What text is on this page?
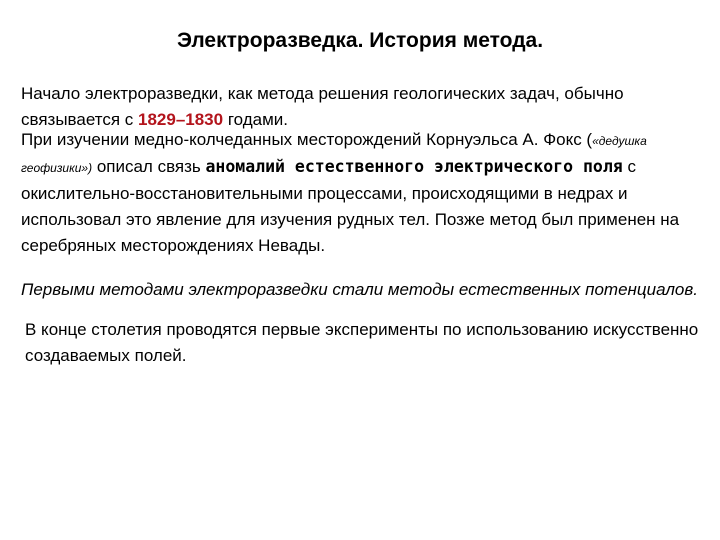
Электроразведка. История метода.

Начало электроразведки, как метода решения геологических задач, обычно связывается с 1829–1830 годами.

При изучении медно-колчеданных месторождений Корнуэльса А. Фокс («дедушка геофизики») описал связь аномалий естественного электрического поля с окислительно-восстановительными процессами, происходящими в недрах и использовал это явление для изучения рудных тел. Позже метод был применен на серебряных месторождениях Невады.

Первыми методами электроразведки стали методы естественных потенциалов.

В конце столетия проводятся первые эксперименты по использованию искусственно создаваемых полей.
